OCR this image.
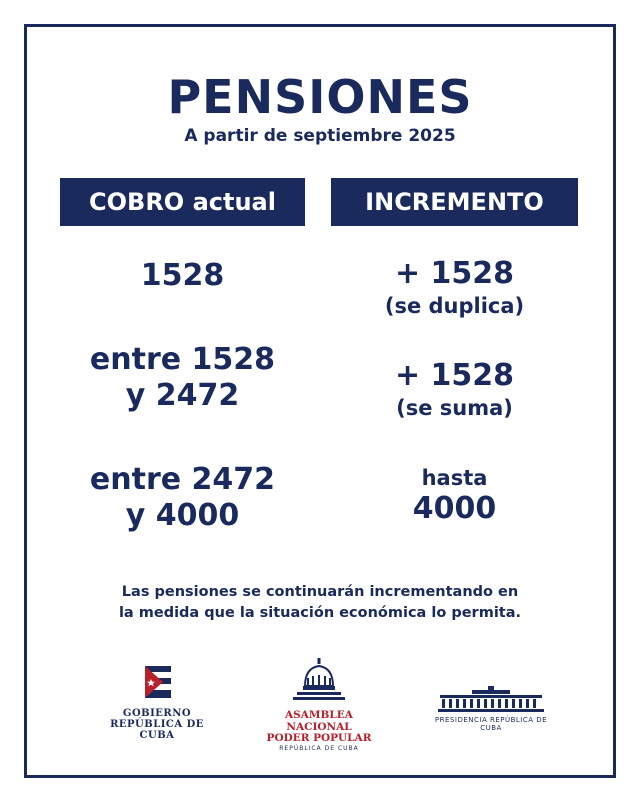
PENSIONES
A partir de septiembre 2025
COBRO actual	INCREMENTO
1528	+ 1528
(se duplica)
entre 1528
y 2472
+ 1528
(se suma)
entre 2472
y 4000
hasta
4000
Las pensiones se continuarán incrementando en
la medida que la situación económica lo permita.
GOBIERNO
REPÚBLICA DE CUBA
ASAMBLEA NACIONAL
PODER POPULAR
REPÚBLICA DE CUBA
PRESIDENCIA REPÚBLICA DE CUBA
